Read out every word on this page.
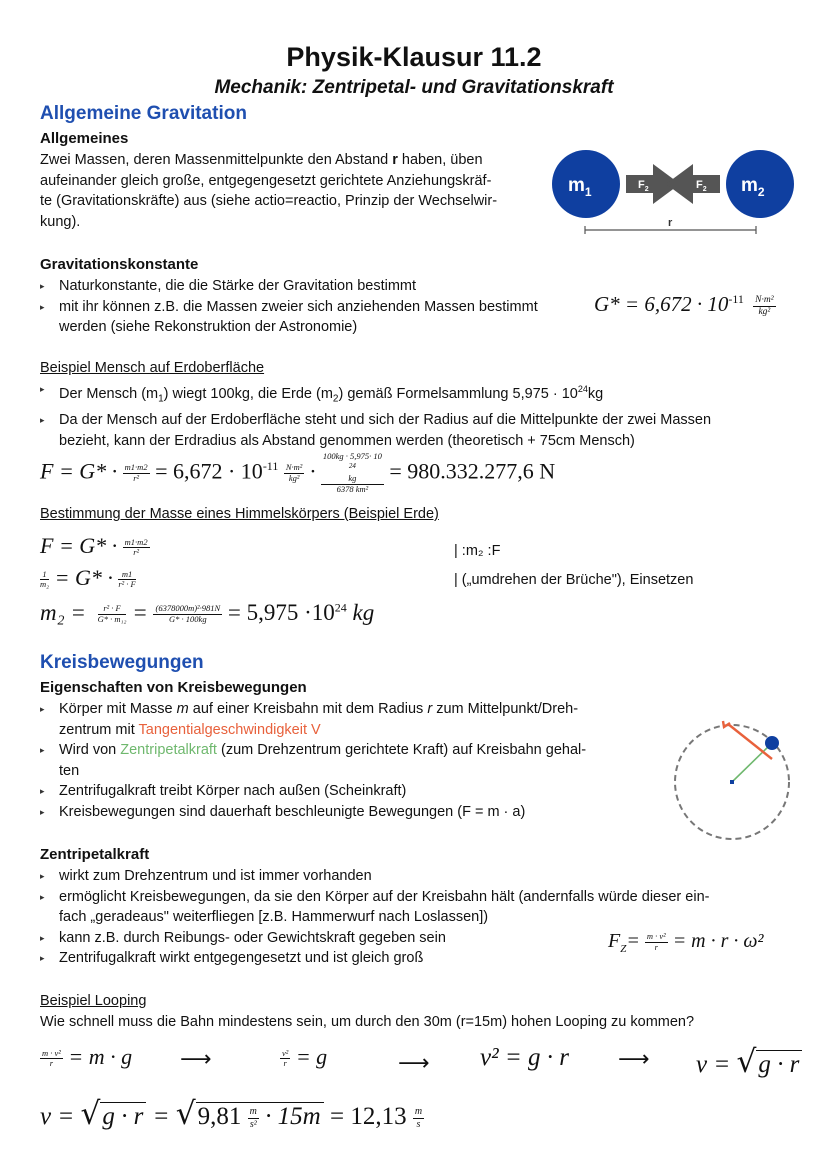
Physik-Klausur 11.2
Mechanik: Zentripetal- und Gravitationskraft
Allgemeine Gravitation
Allgemeines
Zwei Massen, deren Massenmittelpunkte den Abstand r haben, üben
aufeinander gleich große, entgegengesetzt gerichtete Anziehungskräf-
te (Gravitationskräfte) aus (siehe actio=reactio, Prinzip der Wechselwir-
kung).
$m_1$	$m_2$
$F_2$	$F_2$
r
Gravitationskonstante
▸ Naturkonstante, die die Stärke der Gravitation bestimmt
▸ mit ihr können z.B. die Massen zweier sich anziehenden Massen bestimmt
werden (siehe Rekonstruktion der Astronomie)
$G* = 6,672 \cdot 10^{-11} \frac{\text{N·m²}}{\text{kg²}}$
Beispiel Mensch auf Erdoberfläche
▸ Der Mensch $(m_1)$ wiegt 100kg, die Erde $(m_2)$ gemäß Formelsammlung $5,975 \cdot 10^{24}kg$
▸ Da der Mensch auf der Erdoberfläche steht und sich der Radius auf die Mittelpunkte der zwei Massen
bezieht, kann der Erdradius als Abstand genommen werden (theoretisch + 75cm Mensch)
$F = G* \cdot \frac{m1\cdot m2}{\text{r²}} = 6,672 \cdot 10^{-11} \frac{\text{N·m²}}{\text{kg²}} \cdot 100kg \cdot 5,975\cdot 10$
$^{24}$
kg
6378 km² = 980.332.277,6 N
Bestimmung der Masse eines Himmelskörpers (Beispiel Erde)
$F = G* \cdot \frac{m1\cdot m2}{\text{r²}}$	| :m₂ :F
$\frac{1}{\text{m₂}} = G* \cdot \frac{m1}{\text{r² · F}}$	| („umdrehen der Brüche"), Einsetzen
$m_2 = \frac{\text{r² · F}}{\text{G* · m₁₂}} = \frac{\text{(6378000m)²·981N}}{G* \cdot 100kg} = 5,975 \cdot 10^{24}$ kg
Kreisbewegungen
Eigenschaften von Kreisbewegungen
▸ Körper mit Masse m auf einer Kreisbahn mit dem Radius r zum Mittelpunkt/Dreh-
zentrum mit Tangentialgeschwindigkeit V
▸ Wird von Zentripetalkraft (zum Drehzentrum gerichtete Kraft) auf Kreisbahn gehal-
ten
▸ Zentrifugalkraft treibt Körper nach außen (Scheinkraft)
▸ Kreisbewegungen sind dauerhaft beschleunigte Bewegungen (F = m · a)
Zentripetalkraft
▸ wirkt zum Drehzentrum und ist immer vorhanden
▸ ermöglicht Kreisbewegungen, da sie den Körper auf der Kreisbahn hält (andernfalls würde dieser ein-
fach „geradeaus" weiterfliegen [z.B. Hammerwurf nach Loslassen])
▸ kann z.B. durch Reibungs- oder Gewichtskraft gegeben sein
▸ Zentrifugalkraft wirkt entgegengesetzt und ist gleich groß
$F_Z= \frac{\text{m · v²}}{r} = m \cdot r \cdot \omega^2$
Beispiel Looping
Wie schnell muss die Bahn mindestens sein, um durch den 30m (r=15m) hohen Looping zu kommen?
$\frac{\text{m · v²}}{r} = m \cdot g$ ⟶	$\frac{\text{v²}}{r} = g$	⟶ v² = g · r ⟶ v = √g · r
$v = √g \cdot r = √9,81 \frac{m}{\text{s²}} \cdot 15m = 12,13 \frac{m}{s}$
